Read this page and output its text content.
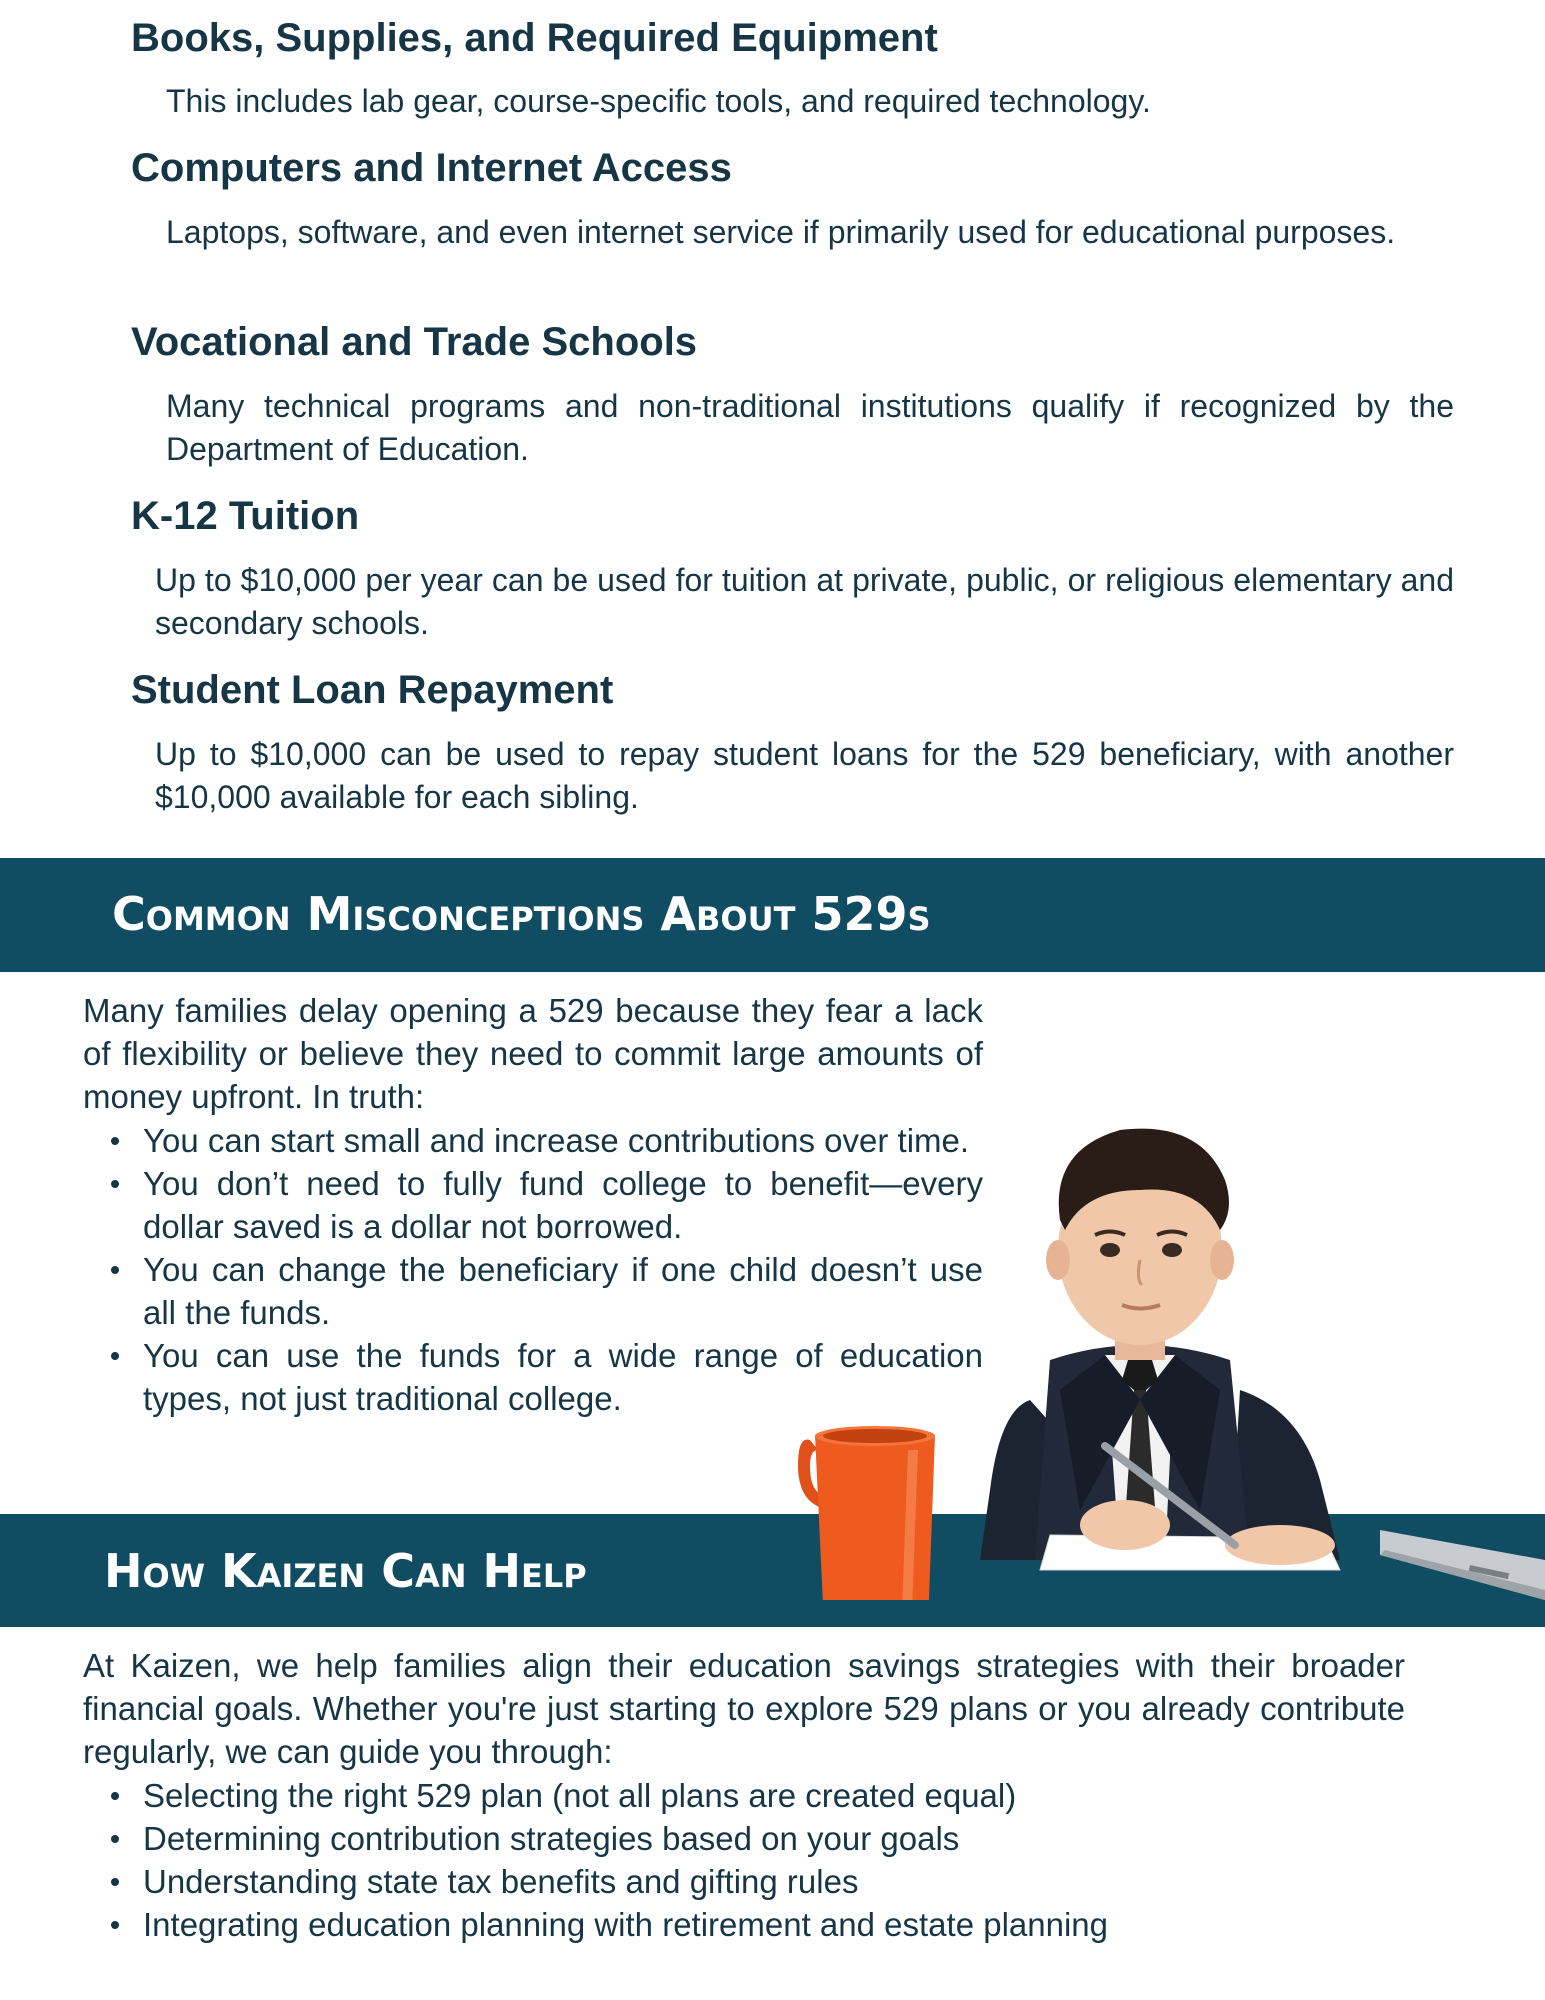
Books, Supplies, and Required Equipment

This includes lab gear, course-specific tools, and required technology.

Computers and Internet Access

Laptops, software, and even internet service if primarily used for educational purposes.

Vocational and Trade Schools

Many technical programs and non-traditional institutions qualify if recognized by the Department of Education.

K-12 Tuition

Up to $10,000 per year can be used for tuition at private, public, or religious elementary and secondary schools.

Student Loan Repayment

Up to $10,000 can be used to repay student loans for the 529 beneficiary, with another $10,000 available for each sibling.

Common Misconceptions About 529s

Many families delay opening a 529 because they fear a lack of flexibility or believe they need to commit large amounts of money upfront. In truth:

You can start small and increase contributions over time.
You don’t need to fully fund college to benefit—every dollar saved is a dollar not borrowed.
You can change the beneficiary if one child doesn’t use all the funds.
You can use the funds for a wide range of education types, not just traditional college.
How Kaizen Can Help

At Kaizen, we help families align their education savings strategies with their broader financial goals. Whether you're just starting to explore 529 plans or you already contribute regularly, we can guide you through:

Selecting the right 529 plan (not all plans are created equal)
Determining contribution strategies based on your goals
Understanding state tax benefits and gifting rules
Integrating education planning with retirement and estate planning
